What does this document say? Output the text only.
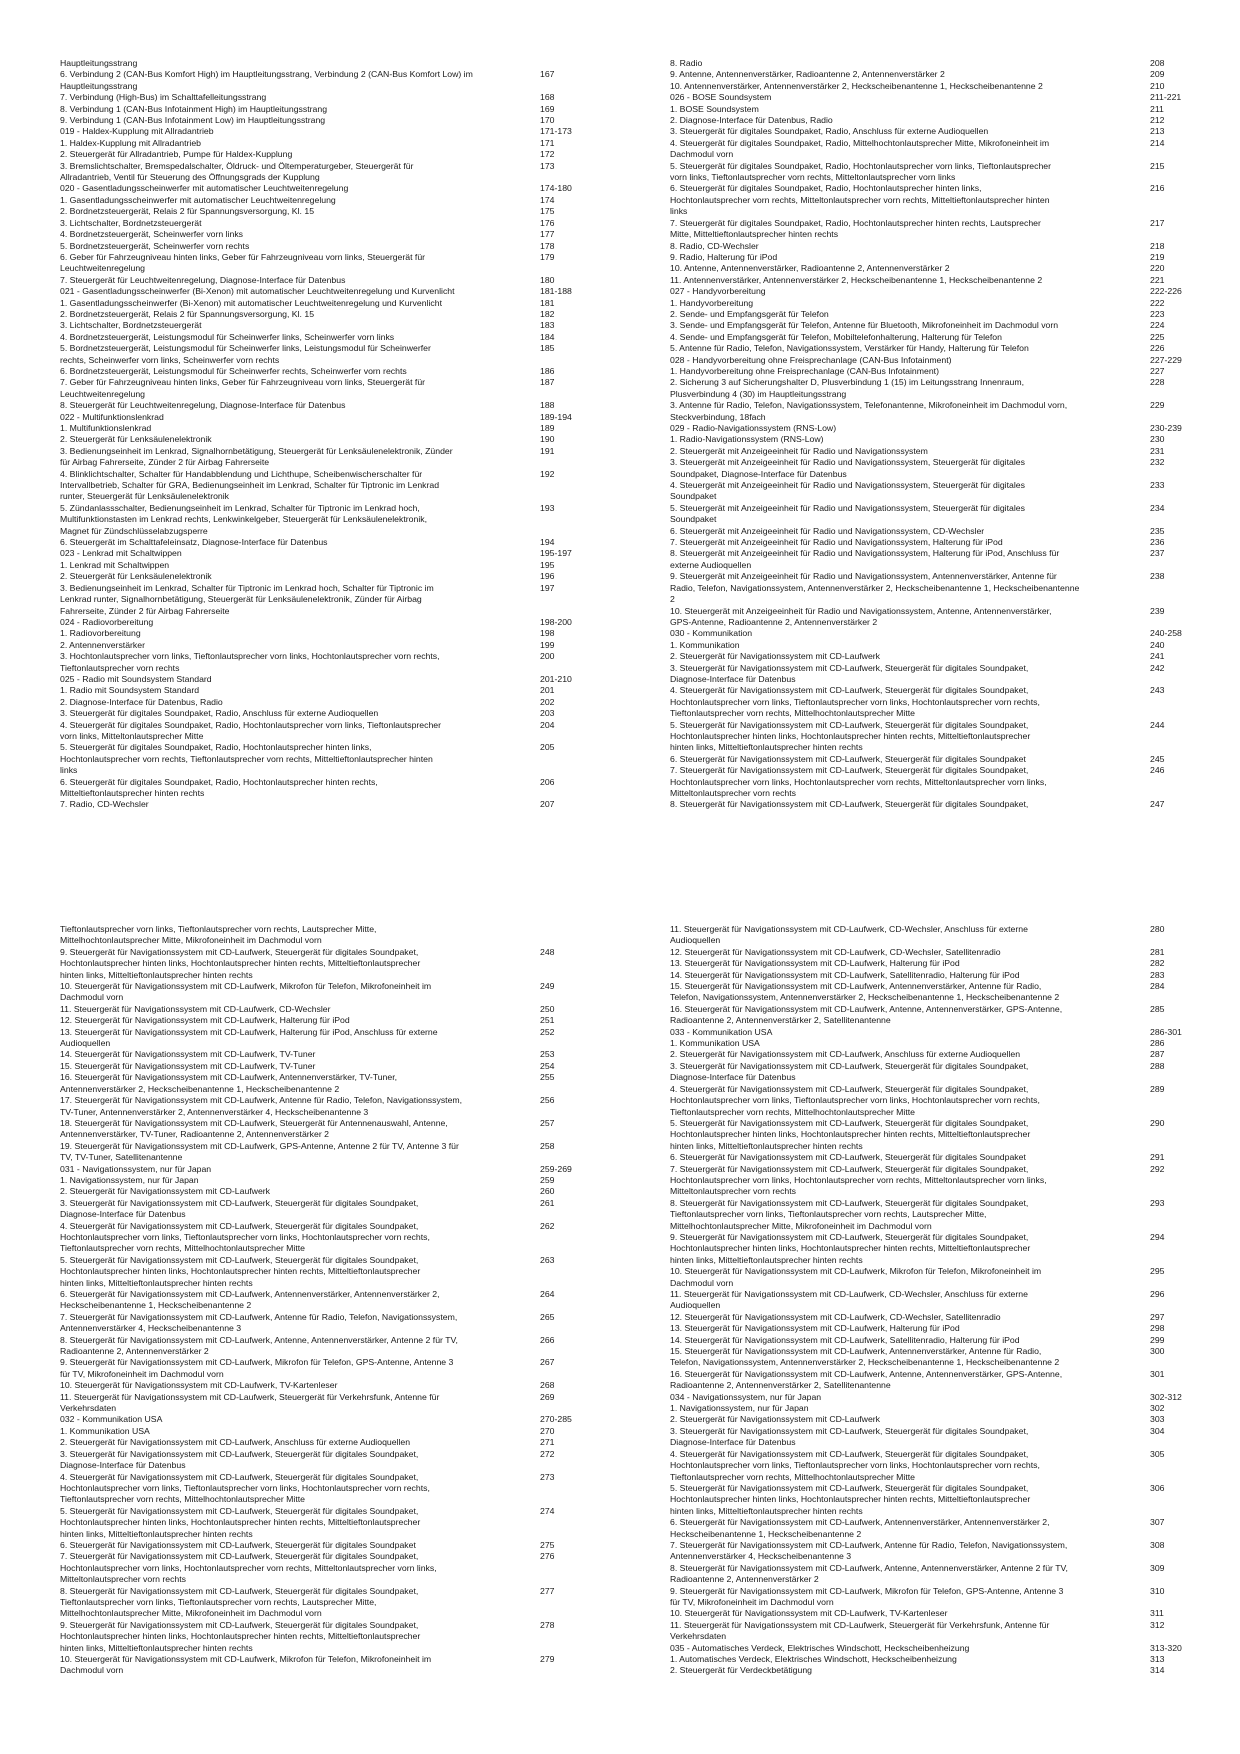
Hauptleitungsstrang
6. Verbindung 2 (CAN-Bus Komfort High) im Hauptleitungsstrang, Verbindung 2 (CAN-Bus Komfort Low) im	167
Hauptleitungsstrang
7. Verbindung (High-Bus) im Schalttafelleitungsstrang	168
8. Verbindung 1 (CAN-Bus Infotainment High) im Hauptleitungsstrang	169
9. Verbindung 1 (CAN-Bus Infotainment Low) im Hauptleitungsstrang	170
019 - Haldex-Kupplung mit Allradantrieb	171-173
1. Haldex-Kupplung mit Allradantrieb	171
2. Steuergerät für Allradantrieb, Pumpe für Haldex-Kupplung	172
3. Bremslichtschalter, Bremspedalschalter, Öldruck- und Öltemperaturgeber, Steuergerät für	173
Allradantrieb, Ventil für Steuerung des Öffnungsgrads der Kupplung
020 - Gasentladungsscheinwerfer mit automatischer Leuchtweitenregelung	174-180
1. Gasentladungsscheinwerfer mit automatischer Leuchtweitenregelung	174
2. Bordnetzsteuergerät, Relais 2 für Spannungsversorgung, Kl. 15	175
3. Lichtschalter, Bordnetzsteuergerät	176
4. Bordnetzsteuergerät, Scheinwerfer vorn links	177
5. Bordnetzsteuergerät, Scheinwerfer vorn rechts	178
6. Geber für Fahrzeugniveau hinten links, Geber für Fahrzeugniveau vorn links, Steuergerät für	179
Leuchtweitenregelung
7. Steuergerät für Leuchtweitenregelung, Diagnose-Interface für Datenbus	180
021 - Gasentladungsscheinwerfer (Bi-Xenon) mit automatischer Leuchtweitenregelung und Kurvenlicht	181-188
1. Gasentladungsscheinwerfer (Bi-Xenon) mit automatischer Leuchtweitenregelung und Kurvenlicht	181
2. Bordnetzsteuergerät, Relais 2 für Spannungsversorgung, Kl. 15	182
3. Lichtschalter, Bordnetzsteuergerät	183
4. Bordnetzsteuergerät, Leistungsmodul für Scheinwerfer links, Scheinwerfer vorn links	184
5. Bordnetzsteuergerät, Leistungsmodul für Scheinwerfer links, Leistungsmodul für Scheinwerfer	185
rechts, Scheinwerfer vorn links, Scheinwerfer vorn rechts
6. Bordnetzsteuergerät, Leistungsmodul für Scheinwerfer rechts, Scheinwerfer vorn rechts	186
7. Geber für Fahrzeugniveau hinten links, Geber für Fahrzeugniveau vorn links, Steuergerät für	187
Leuchtweitenregelung
8. Steuergerät für Leuchtweitenregelung, Diagnose-Interface für Datenbus	188
022 - Multifunktionslenkrad	189-194
1. Multifunktionslenkrad	189
2. Steuergerät für Lenksäulenelektronik	190
3. Bedienungseinheit im Lenkrad, Signalhornbetätigung, Steuergerät für Lenksäulenelektronik, Zünder	191
für Airbag Fahrerseite, Zünder 2 für Airbag Fahrerseite
4. Blinklichtschalter, Schalter für Handabblendung und Lichthupe, Scheibenwischerschalter für	192
Intervallbetrieb, Schalter für GRA, Bedienungseinheit im Lenkrad, Schalter für Tiptronic im Lenkrad
runter, Steuergerät für Lenksäulenelektronik
5. Zündanlassschalter, Bedienungseinheit im Lenkrad, Schalter für Tiptronic im Lenkrad hoch,	193
Multifunktionstasten im Lenkrad rechts, Lenkwinkelgeber, Steuergerät für Lenksäulenelektronik,
Magnet für Zündschlüsselabzugsperre
6. Steuergerät im Schalttafeleinsatz, Diagnose-Interface für Datenbus	194
023 - Lenkrad mit Schaltwippen	195-197
1. Lenkrad mit Schaltwippen	195
2. Steuergerät für Lenksäulenelektronik	196
3. Bedienungseinheit im Lenkrad, Schalter für Tiptronic im Lenkrad hoch, Schalter für Tiptronic im	197
Lenkrad runter, Signalhornbetätigung, Steuergerät für Lenksäulenelektronik, Zünder für Airbag
Fahrerseite, Zünder 2 für Airbag Fahrerseite
024 - Radiovorbereitung	198-200
1. Radiovorbereitung	198
2. Antennenverstärker	199
3. Hochtonlautsprecher vorn links, Tieftonlautsprecher vorn links, Hochtonlautsprecher vorn rechts,	200
Tieftonlautsprecher vorn rechts
025 - Radio mit Soundsystem Standard	201-210
1. Radio mit Soundsystem Standard	201
2. Diagnose-Interface für Datenbus, Radio	202
3. Steuergerät für digitales Soundpaket, Radio, Anschluss für externe Audioquellen	203
4. Steuergerät für digitales Soundpaket, Radio, Hochtonlautsprecher vorn links, Tieftonlautsprecher	204
vorn links, Mitteltonlautsprecher Mitte
5. Steuergerät für digitales Soundpaket, Radio, Hochtonlautsprecher hinten links,	205
Hochtonlautsprecher vorn rechts, Tieftonlautsprecher vorn rechts, Mitteltieftonlautsprecher hinten
links
6. Steuergerät für digitales Soundpaket, Radio, Hochtonlautsprecher hinten rechts,	206
Mitteltieftonlautsprecher hinten rechts
7. Radio, CD-Wechsler	207
8. Radio	208
9. Antenne, Antennenverstärker, Radioantenne 2, Antennenverstärker 2	209
10. Antennenverstärker, Antennenverstärker 2, Heckscheibenantenne 1, Heckscheibenantenne 2	210
026 - BOSE Soundsystem	211-221
1. BOSE Soundsystem	211
2. Diagnose-Interface für Datenbus, Radio	212
3. Steuergerät für digitales Soundpaket, Radio, Anschluss für externe Audioquellen	213
4. Steuergerät für digitales Soundpaket, Radio, Mittelhochtonlautsprecher Mitte, Mikrofoneinheit im	214
Dachmodul vorn
5. Steuergerät für digitales Soundpaket, Radio, Hochtonlautsprecher vorn links, Tieftonlautsprecher	215
vorn links, Tieftonlautsprecher vorn rechts, Mitteltonlautsprecher vorn links
6. Steuergerät für digitales Soundpaket, Radio, Hochtonlautsprecher hinten links,	216
Hochtonlautsprecher vorn rechts, Mitteltonlautsprecher vorn rechts, Mitteltieftonlautsprecher hinten
links
7. Steuergerät für digitales Soundpaket, Radio, Hochtonlautsprecher hinten rechts, Lautsprecher	217
Mitte, Mitteltieftonlautsprecher hinten rechts
8. Radio, CD-Wechsler	218
9. Radio, Halterung für iPod	219
10. Antenne, Antennenverstärker, Radioantenne 2, Antennenverstärker 2	220
11. Antennenverstärker, Antennenverstärker 2, Heckscheibenantenne 1, Heckscheibenantenne 2	221
027 - Handyvorbereitung	222-226
1. Handyvorbereitung	222
2. Sende- und Empfangsgerät für Telefon	223
3. Sende- und Empfangsgerät für Telefon, Antenne für Bluetooth, Mikrofoneinheit im Dachmodul vorn	224
4. Sende- und Empfangsgerät für Telefon, Mobiltelefonhalterung, Halterung für Telefon	225
5. Antenne für Radio, Telefon, Navigationssystem, Verstärker für Handy, Halterung für Telefon	226
028 - Handyvorbereitung ohne Freisprechanlage (CAN-Bus Infotainment)	227-229
1. Handyvorbereitung ohne Freisprechanlage (CAN-Bus Infotainment)	227
2. Sicherung 3 auf Sicherungshalter D, Plusverbindung 1 (15) im Leitungsstrang Innenraum,	228
Plusverbindung 4 (30) im Hauptleitungsstrang
3. Antenne für Radio, Telefon, Navigationssystem, Telefonantenne, Mikrofoneinheit im Dachmodul vorn,	229
Steckverbindung, 18fach
029 - Radio-Navigationssystem (RNS-Low)	230-239
1. Radio-Navigationssystem (RNS-Low)	230
2. Steuergerät mit Anzeigeeinheit für Radio und Navigationssystem	231
3. Steuergerät mit Anzeigeeinheit für Radio und Navigationssystem, Steuergerät für digitales	232
Soundpaket, Diagnose-Interface für Datenbus
4. Steuergerät mit Anzeigeeinheit für Radio und Navigationssystem, Steuergerät für digitales	233
Soundpaket
5. Steuergerät mit Anzeigeeinheit für Radio und Navigationssystem, Steuergerät für digitales	234
Soundpaket
6. Steuergerät mit Anzeigeeinheit für Radio und Navigationssystem, CD-Wechsler	235
7. Steuergerät mit Anzeigeeinheit für Radio und Navigationssystem, Halterung für iPod	236
8. Steuergerät mit Anzeigeeinheit für Radio und Navigationssystem, Halterung für iPod, Anschluss für	237
externe Audioquellen
9. Steuergerät mit Anzeigeeinheit für Radio und Navigationssystem, Antennenverstärker, Antenne für	238
Radio, Telefon, Navigationssystem, Antennenverstärker 2, Heckscheibenantenne 1, Heckscheibenantenne
2
10. Steuergerät mit Anzeigeeinheit für Radio und Navigationssystem, Antenne, Antennenverstärker,	239
GPS-Antenne, Radioantenne 2, Antennenverstärker 2
030 - Kommunikation	240-258
1. Kommunikation	240
2. Steuergerät für Navigationssystem mit CD-Laufwerk	241
3. Steuergerät für Navigationssystem mit CD-Laufwerk, Steuergerät für digitales Soundpaket,	242
Diagnose-Interface für Datenbus
4. Steuergerät für Navigationssystem mit CD-Laufwerk, Steuergerät für digitales Soundpaket,	243
Hochtonlautsprecher vorn links, Tieftonlautsprecher vorn links, Hochtonlautsprecher vorn rechts,
Tieftonlautsprecher vorn rechts, Mittelhochtonlautsprecher Mitte
5. Steuergerät für Navigationssystem mit CD-Laufwerk, Steuergerät für digitales Soundpaket,	244
Hochtonlautsprecher hinten links, Hochtonlautsprecher hinten rechts, Mitteltieftonlautsprecher
hinten links, Mitteltieftonlautsprecher hinten rechts
6. Steuergerät für Navigationssystem mit CD-Laufwerk, Steuergerät für digitales Soundpaket	245
7. Steuergerät für Navigationssystem mit CD-Laufwerk, Steuergerät für digitales Soundpaket,	246
Hochtonlautsprecher vorn links, Hochtonlautsprecher vorn rechts, Mitteltonlautsprecher vorn links,
Mitteltonlautsprecher vorn rechts
8. Steuergerät für Navigationssystem mit CD-Laufwerk, Steuergerät für digitales Soundpaket,	247
Tieftonlautsprecher vorn links, Tieftonlautsprecher vorn rechts, Lautsprecher Mitte,
Mittelhochtonlautsprecher Mitte, Mikrofoneinheit im Dachmodul vorn
9. Steuergerät für Navigationssystem mit CD-Laufwerk, Steuergerät für digitales Soundpaket,	248
Hochtonlautsprecher hinten links, Hochtonlautsprecher hinten rechts, Mitteltieftonlautsprecher
hinten links, Mitteltieftonlautsprecher hinten rechts
10. Steuergerät für Navigationssystem mit CD-Laufwerk, Mikrofon für Telefon, Mikrofoneinheit im	249
Dachmodul vorn
11. Steuergerät für Navigationssystem mit CD-Laufwerk, CD-Wechsler	250
12. Steuergerät für Navigationssystem mit CD-Laufwerk, Halterung für iPod	251
13. Steuergerät für Navigationssystem mit CD-Laufwerk, Halterung für iPod, Anschluss für externe	252
Audioquellen
14. Steuergerät für Navigationssystem mit CD-Laufwerk, TV-Tuner	253
15. Steuergerät für Navigationssystem mit CD-Laufwerk, TV-Tuner	254
16. Steuergerät für Navigationssystem mit CD-Laufwerk, Antennenverstärker, TV-Tuner,	255
Antennenverstärker 2, Heckscheibenantenne 1, Heckscheibenantenne 2
17. Steuergerät für Navigationssystem mit CD-Laufwerk, Antenne für Radio, Telefon, Navigationssystem,	256
TV-Tuner, Antennenverstärker 2, Antennenverstärker 4, Heckscheibenantenne 3
18. Steuergerät für Navigationssystem mit CD-Laufwerk, Steuergerät für Antennenauswahl, Antenne,	257
Antennenverstärker, TV-Tuner, Radioantenne 2, Antennenverstärker 2
19. Steuergerät für Navigationssystem mit CD-Laufwerk, GPS-Antenne, Antenne 2 für TV, Antenne 3 für	258
TV, TV-Tuner, Satellitenantenne
031 - Navigationssystem, nur für Japan	259-269
1. Navigationssystem, nur für Japan	259
2. Steuergerät für Navigationssystem mit CD-Laufwerk	260
3. Steuergerät für Navigationssystem mit CD-Laufwerk, Steuergerät für digitales Soundpaket,	261
Diagnose-Interface für Datenbus
4. Steuergerät für Navigationssystem mit CD-Laufwerk, Steuergerät für digitales Soundpaket,	262
Hochtonlautsprecher vorn links, Tieftonlautsprecher vorn links, Hochtonlautsprecher vorn rechts,
Tieftonlautsprecher vorn rechts, Mittelhochtonlautsprecher Mitte
5. Steuergerät für Navigationssystem mit CD-Laufwerk, Steuergerät für digitales Soundpaket,	263
Hochtonlautsprecher hinten links, Hochtonlautsprecher hinten rechts, Mitteltieftonlautsprecher
hinten links, Mitteltieftonlautsprecher hinten rechts
6. Steuergerät für Navigationssystem mit CD-Laufwerk, Antennenverstärker, Antennenverstärker 2,	264
Heckscheibenantenne 1, Heckscheibenantenne 2
7. Steuergerät für Navigationssystem mit CD-Laufwerk, Antenne für Radio, Telefon, Navigationssystem,	265
Antennenverstärker 4, Heckscheibenantenne 3
8. Steuergerät für Navigationssystem mit CD-Laufwerk, Antenne, Antennenverstärker, Antenne 2 für TV,	266
Radioantenne 2, Antennenverstärker 2
9. Steuergerät für Navigationssystem mit CD-Laufwerk, Mikrofon für Telefon, GPS-Antenne, Antenne 3	267
für TV, Mikrofoneinheit im Dachmodul vorn
10. Steuergerät für Navigationssystem mit CD-Laufwerk, TV-Kartenleser	268
11. Steuergerät für Navigationssystem mit CD-Laufwerk, Steuergerät für Verkehrsfunk, Antenne für	269
Verkehrsdaten
032 - Kommunikation USA	270-285
1. Kommunikation USA	270
2. Steuergerät für Navigationssystem mit CD-Laufwerk, Anschluss für externe Audioquellen	271
3. Steuergerät für Navigationssystem mit CD-Laufwerk, Steuergerät für digitales Soundpaket,	272
Diagnose-Interface für Datenbus
4. Steuergerät für Navigationssystem mit CD-Laufwerk, Steuergerät für digitales Soundpaket,	273
Hochtonlautsprecher vorn links, Tieftonlautsprecher vorn links, Hochtonlautsprecher vorn rechts,
Tieftonlautsprecher vorn rechts, Mittelhochtonlautsprecher Mitte
5. Steuergerät für Navigationssystem mit CD-Laufwerk, Steuergerät für digitales Soundpaket,	274
Hochtonlautsprecher hinten links, Hochtonlautsprecher hinten rechts, Mitteltieftonlautsprecher
hinten links, Mitteltieftonlautsprecher hinten rechts
6. Steuergerät für Navigationssystem mit CD-Laufwerk, Steuergerät für digitales Soundpaket	275
7. Steuergerät für Navigationssystem mit CD-Laufwerk, Steuergerät für digitales Soundpaket,	276
Hochtonlautsprecher vorn links, Hochtonlautsprecher vorn rechts, Mitteltonlautsprecher vorn links,
Mitteltonlautsprecher vorn rechts
8. Steuergerät für Navigationssystem mit CD-Laufwerk, Steuergerät für digitales Soundpaket,	277
Tieftonlautsprecher vorn links, Tieftonlautsprecher vorn rechts, Lautsprecher Mitte,
Mittelhochtonlautsprecher Mitte, Mikrofoneinheit im Dachmodul vorn
9. Steuergerät für Navigationssystem mit CD-Laufwerk, Steuergerät für digitales Soundpaket,	278
Hochtonlautsprecher hinten links, Hochtonlautsprecher hinten rechts, Mitteltieftonlautsprecher
hinten links, Mitteltieftonlautsprecher hinten rechts
10. Steuergerät für Navigationssystem mit CD-Laufwerk, Mikrofon für Telefon, Mikrofoneinheit im	279
Dachmodul vorn
11. Steuergerät für Navigationssystem mit CD-Laufwerk, CD-Wechsler, Anschluss für externe	280
Audioquellen
12. Steuergerät für Navigationssystem mit CD-Laufwerk, CD-Wechsler, Satellitenradio	281
13. Steuergerät für Navigationssystem mit CD-Laufwerk, Halterung für iPod	282
14. Steuergerät für Navigationssystem mit CD-Laufwerk, Satellitenradio, Halterung für iPod	283
15. Steuergerät für Navigationssystem mit CD-Laufwerk, Antennenverstärker, Antenne für Radio,	284
Telefon, Navigationssystem, Antennenverstärker 2, Heckscheibenantenne 1, Heckscheibenantenne 2
16. Steuergerät für Navigationssystem mit CD-Laufwerk, Antenne, Antennenverstärker, GPS-Antenne,	285
Radioantenne 2, Antennenverstärker 2, Satellitenantenne
033 - Kommunikation USA	286-301
1. Kommunikation USA	286
2. Steuergerät für Navigationssystem mit CD-Laufwerk, Anschluss für externe Audioquellen	287
3. Steuergerät für Navigationssystem mit CD-Laufwerk, Steuergerät für digitales Soundpaket,	288
Diagnose-Interface für Datenbus
4. Steuergerät für Navigationssystem mit CD-Laufwerk, Steuergerät für digitales Soundpaket,	289
Hochtonlautsprecher vorn links, Tieftonlautsprecher vorn links, Hochtonlautsprecher vorn rechts,
Tieftonlautsprecher vorn rechts, Mittelhochtonlautsprecher Mitte
5. Steuergerät für Navigationssystem mit CD-Laufwerk, Steuergerät für digitales Soundpaket,	290
Hochtonlautsprecher hinten links, Hochtonlautsprecher hinten rechts, Mitteltieftonlautsprecher
hinten links, Mitteltieftonlautsprecher hinten rechts
6. Steuergerät für Navigationssystem mit CD-Laufwerk, Steuergerät für digitales Soundpaket	291
7. Steuergerät für Navigationssystem mit CD-Laufwerk, Steuergerät für digitales Soundpaket,	292
Hochtonlautsprecher vorn links, Hochtonlautsprecher vorn rechts, Mitteltonlautsprecher vorn links,
Mitteltonlautsprecher vorn rechts
8. Steuergerät für Navigationssystem mit CD-Laufwerk, Steuergerät für digitales Soundpaket,	293
Tieftonlautsprecher vorn links, Tieftonlautsprecher vorn rechts, Lautsprecher Mitte,
Mittelhochtonlautsprecher Mitte, Mikrofoneinheit im Dachmodul vorn
9. Steuergerät für Navigationssystem mit CD-Laufwerk, Steuergerät für digitales Soundpaket,	294
Hochtonlautsprecher hinten links, Hochtonlautsprecher hinten rechts, Mitteltieftonlautsprecher
hinten links, Mitteltieftonlautsprecher hinten rechts
10. Steuergerät für Navigationssystem mit CD-Laufwerk, Mikrofon für Telefon, Mikrofoneinheit im	295
Dachmodul vorn
11. Steuergerät für Navigationssystem mit CD-Laufwerk, CD-Wechsler, Anschluss für externe	296
Audioquellen
12. Steuergerät für Navigationssystem mit CD-Laufwerk, CD-Wechsler, Satellitenradio	297
13. Steuergerät für Navigationssystem mit CD-Laufwerk, Halterung für iPod	298
14. Steuergerät für Navigationssystem mit CD-Laufwerk, Satellitenradio, Halterung für iPod	299
15. Steuergerät für Navigationssystem mit CD-Laufwerk, Antennenverstärker, Antenne für Radio,	300
Telefon, Navigationssystem, Antennenverstärker 2, Heckscheibenantenne 1, Heckscheibenantenne 2
16. Steuergerät für Navigationssystem mit CD-Laufwerk, Antenne, Antennenverstärker, GPS-Antenne,	301
Radioantenne 2, Antennenverstärker 2, Satellitenantenne
034 - Navigationssystem, nur für Japan	302-312
1. Navigationssystem, nur für Japan	302
2. Steuergerät für Navigationssystem mit CD-Laufwerk	303
3. Steuergerät für Navigationssystem mit CD-Laufwerk, Steuergerät für digitales Soundpaket,	304
Diagnose-Interface für Datenbus
4. Steuergerät für Navigationssystem mit CD-Laufwerk, Steuergerät für digitales Soundpaket,	305
Hochtonlautsprecher vorn links, Tieftonlautsprecher vorn links, Hochtonlautsprecher vorn rechts,
Tieftonlautsprecher vorn rechts, Mittelhochtonlautsprecher Mitte
5. Steuergerät für Navigationssystem mit CD-Laufwerk, Steuergerät für digitales Soundpaket,	306
Hochtonlautsprecher hinten links, Hochtonlautsprecher hinten rechts, Mitteltieftonlautsprecher
hinten links, Mitteltieftonlautsprecher hinten rechts
6. Steuergerät für Navigationssystem mit CD-Laufwerk, Antennenverstärker, Antennenverstärker 2,	307
Heckscheibenantenne 1, Heckscheibenantenne 2
7. Steuergerät für Navigationssystem mit CD-Laufwerk, Antenne für Radio, Telefon, Navigationssystem,	308
Antennenverstärker 4, Heckscheibenantenne 3
8. Steuergerät für Navigationssystem mit CD-Laufwerk, Antenne, Antennenverstärker, Antenne 2 für TV,	309
Radioantenne 2, Antennenverstärker 2
9. Steuergerät für Navigationssystem mit CD-Laufwerk, Mikrofon für Telefon, GPS-Antenne, Antenne 3	310
für TV, Mikrofoneinheit im Dachmodul vorn
10. Steuergerät für Navigationssystem mit CD-Laufwerk, TV-Kartenleser	311
11. Steuergerät für Navigationssystem mit CD-Laufwerk, Steuergerät für Verkehrsfunk, Antenne für	312
Verkehrsdaten
035 - Automatisches Verdeck, Elektrisches Windschott, Heckscheibenheizung	313-320
1. Automatisches Verdeck, Elektrisches Windschott, Heckscheibenheizung	313
2. Steuergerät für Verdeckbetätigung	314
